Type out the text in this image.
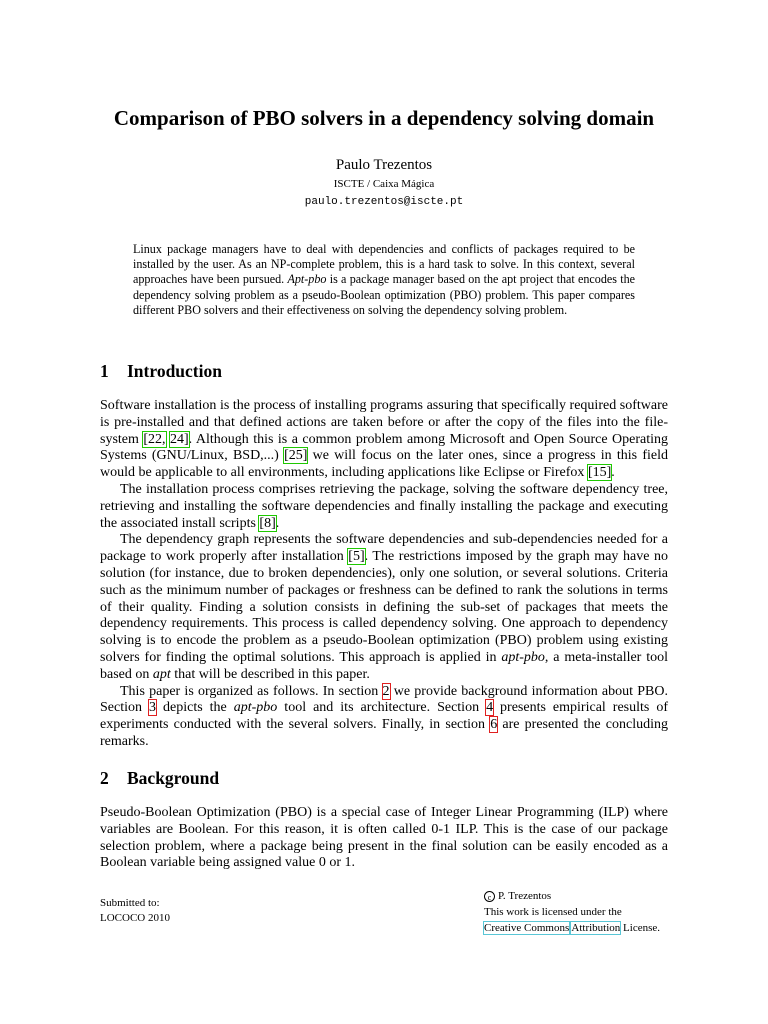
Comparison of PBO solvers in a dependency solving domain
Paulo Trezentos
ISCTE / Caixa Mágica
paulo.trezentos@iscte.pt
Linux package managers have to deal with dependencies and conflicts of packages required to be installed by the user. As an NP-complete problem, this is a hard task to solve. In this context, several approaches have been pursued. Apt-pbo is a package manager based on the apt project that encodes the dependency solving problem as a pseudo-Boolean optimization (PBO) problem. This paper compares different PBO solvers and their effectiveness on solving the dependency solving problem.
1 Introduction

Software installation is the process of installing programs assuring that specifically required software is pre-installed and that defined actions are taken before or after the copy of the files into the file-system [22, 24]. Although this is a common problem among Microsoft and Open Source Operating Systems (GNU/Linux, BSD,...) [25] we will focus on the later ones, since a progress in this field would be applicable to all environments, including applications like Eclipse or Firefox [15].

The installation process comprises retrieving the package, solving the software dependency tree, retrieving and installing the software dependencies and finally installing the package and executing the associated install scripts [8].

The dependency graph represents the software dependencies and sub-dependencies needed for a package to work properly after installation [5]. The restrictions imposed by the graph may have no solution (for instance, due to broken dependencies), only one solution, or several solutions. Criteria such as the minimum number of packages or freshness can be defined to rank the solutions in terms of their quality. Finding a solution consists in defining the sub-set of packages that meets the dependency requirements. This process is called dependency solving. One approach to dependency solving is to encode the problem as a pseudo-Boolean optimization (PBO) problem using existing solvers for finding the optimal solutions. This approach is applied in apt-pbo, a meta-installer tool based on apt that will be described in this paper.

This paper is organized as follows. In section 2 we provide background information about PBO. Section 3 depicts the apt-pbo tool and its architecture. Section 4 presents empirical results of experiments conducted with the several solvers. Finally, in section 6 are presented the concluding remarks.

2 Background

Pseudo-Boolean Optimization (PBO) is a special case of Integer Linear Programming (ILP) where variables are Boolean. For this reason, it is often called 0-1 ILP. This is the case of our package selection problem, where a package being present in the final solution can be easily encoded as a Boolean variable being assigned value 0 or 1.

Submitted to:
LOCOCO 2010
c P. Trezentos
This work is licensed under the
Creative Commons Attribution License.
